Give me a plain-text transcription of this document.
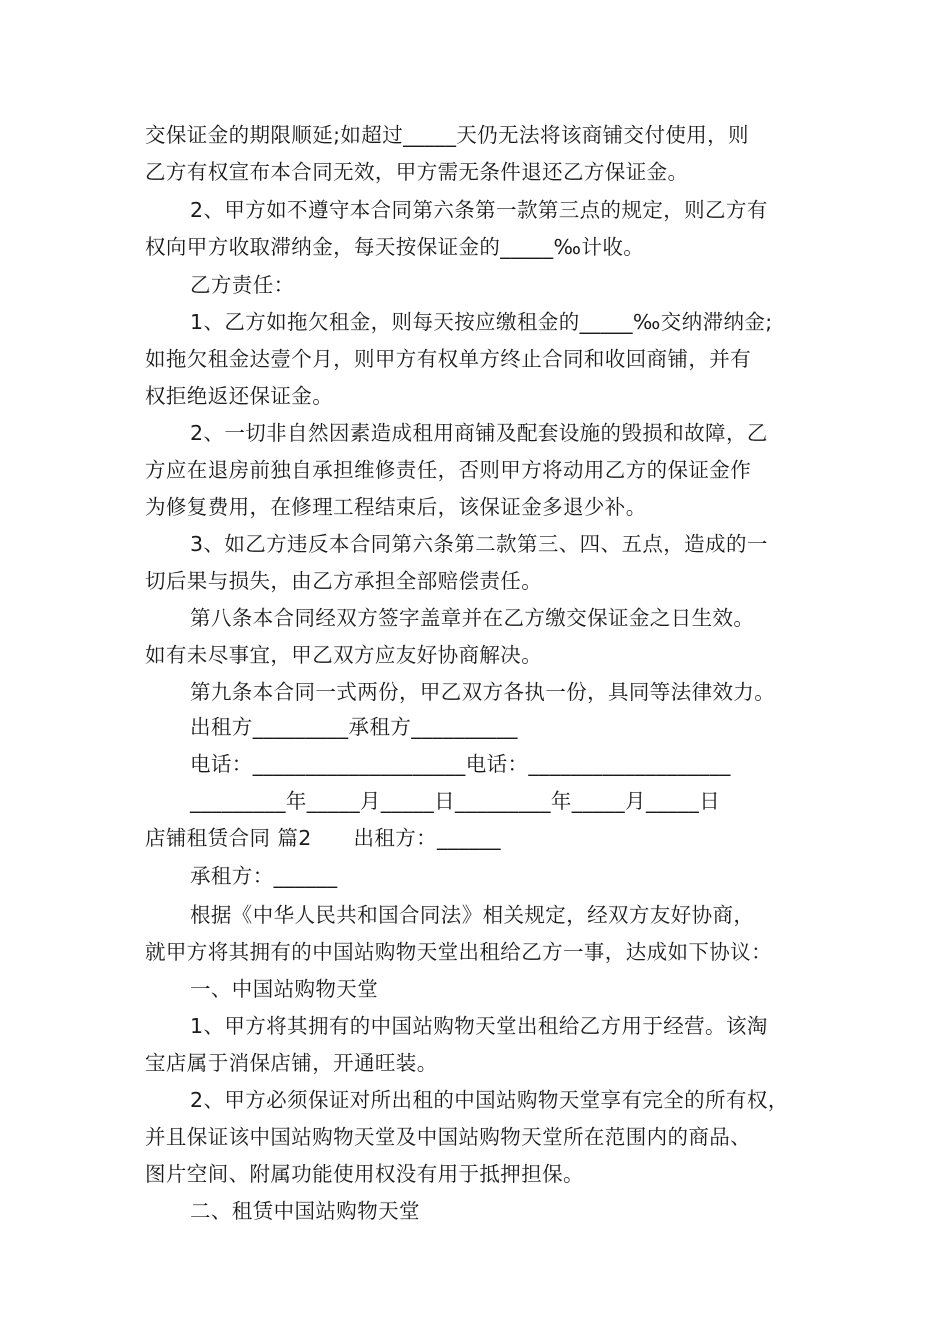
交保证金的期限顺延;如超过_____天仍无法将该商铺交付使用，则
乙方有权宣布本合同无效，甲方需无条件退还乙方保证金。
2、甲方如不遵守本合同第六条第一款第三点的规定，则乙方有
权向甲方收取滞纳金，每天按保证金的_____‰计收。
乙方责任：
1、乙方如拖欠租金，则每天按应缴租金的_____‰交纳滞纳金;
如拖欠租金达壹个月，则甲方有权单方终止合同和收回商铺，并有
权拒绝返还保证金。
2、一切非自然因素造成租用商铺及配套设施的毁损和故障，乙
方应在退房前独自承担维修责任，否则甲方将动用乙方的保证金作
为修复费用，在修理工程结束后，该保证金多退少补。
3、如乙方违反本合同第六条第二款第三、四、五点，造成的一
切后果与损失，由乙方承担全部赔偿责任。
第八条本合同经双方签字盖章并在乙方缴交保证金之日生效。
如有未尽事宜，甲乙双方应友好协商解决。
第九条本合同一式两份，甲乙双方各执一份，具同等法律效力。
出租方_________承租方__________
电话：____________________电话：___________________
_________年_____月_____日_________年_____月_____日
店铺租赁合同 篇2　　出租方：______
承租方：______
根据《中华人民共和国合同法》相关规定，经双方友好协商，
就甲方将其拥有的中国站购物天堂出租给乙方一事，达成如下协议：
一、中国站购物天堂
1、甲方将其拥有的中国站购物天堂出租给乙方用于经营。该淘
宝店属于消保店铺，开通旺装。
2、甲方必须保证对所出租的中国站购物天堂享有完全的所有权，
并且保证该中国站购物天堂及中国站购物天堂所在范围内的商品、
图片空间、附属功能使用权没有用于抵押担保。
二、租赁中国站购物天堂
